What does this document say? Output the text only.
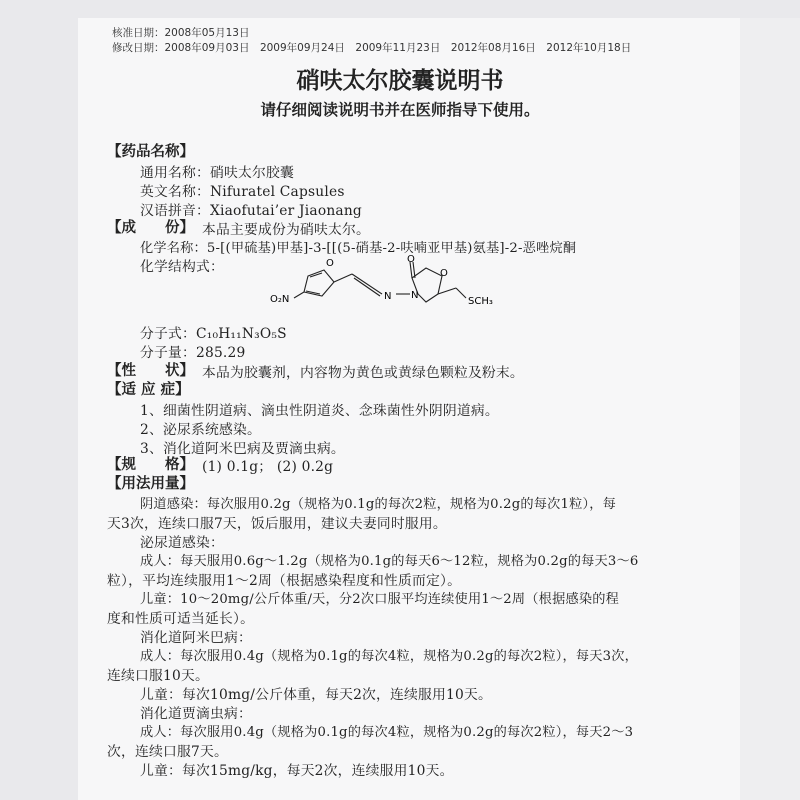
核准日期：2008年05月13日
修改日期：2008年09月03日　2009年09月24日　2009年11月23日　2012年08月16日　2012年10月18日
硝呋太尔胶囊说明书
请仔细阅读说明书并在医师指导下使用。
【药品名称】
通用名称：硝呋太尔胶囊
英文名称：Nifuratel Capsules
汉语拼音：Xiaofutai’er Jiaonang
【成　　份】 本品主要成份为硝呋太尔。
化学名称：5-[(甲硫基)甲基]-3-[[(5-硝基-2-呋喃亚甲基)氨基]-2-恶唑烷酮
化学结构式：
O₂N
O
N N
O
O
SCH₃
分子式：C₁₀H₁₁N₃O₅S
分子量：285.29
【性　　状】 本品为胶囊剂，内容物为黄色或黄绿色颗粒及粉末。
【适 应 症】
1、细菌性阴道病、滴虫性阴道炎、念珠菌性外阴阴道病。
2、泌尿系统感染。
3、消化道阿米巴病及贾滴虫病。
【规　　格】 (1) 0.1g； (2) 0.2g
【用法用量】
阴道感染：每次服用0.2g（规格为0.1g的每次2粒，规格为0.2g的每次1粒），每
天3次，连续口服7天，饭后服用，建议夫妻同时服用。
泌尿道感染：
成人：每天服用0.6g～1.2g（规格为0.1g的每天6～12粒，规格为0.2g的每天3～6
粒），平均连续服用1～2周（根据感染程度和性质而定）。
儿童：10～20mg/公斤体重/天，分2次口服平均连续使用1～2周（根据感染的程
度和性质可适当延长）。
消化道阿米巴病：
成人：每次服用0.4g（规格为0.1g的每次4粒，规格为0.2g的每次2粒），每天3次，
连续口服10天。
儿童：每次10mg/公斤体重，每天2次，连续服用10天。
消化道贾滴虫病：
成人：每次服用0.4g（规格为0.1g的每次4粒，规格为0.2g的每次2粒），每天2～3
次，连续口服7天。
儿童：每次15mg/kg，每天2次，连续服用10天。
